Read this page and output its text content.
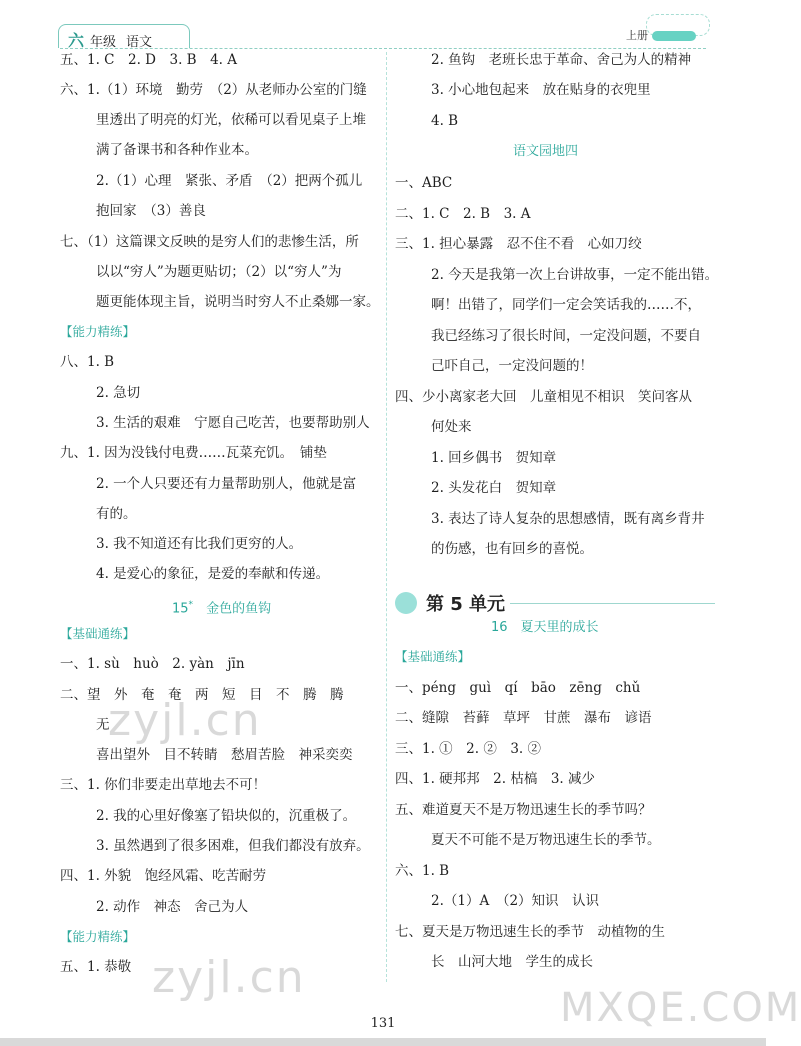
六 年级 语文	上册
五、1. C　2. D　3. B　4. A
六、1.（1）环境　勤劳　（2）从老师办公室的门缝
里透出了明亮的灯光，依稀可以看见桌子上堆
满了备课书和各种作业本。
2.（1）心理　紧张、矛盾　（2）把两个孤儿
抱回家　（3）善良
七、（1）这篇课文反映的是穷人们的悲惨生活，所
以以“穷人”为题更贴切；（2）以“穷人”为
题更能体现主旨，说明当时穷人不止桑娜一家。
【能力精练】
八、1. B
2. 急切
3. 生活的艰难　宁愿自己吃苦，也要帮助别人
九、1. 因为没钱付电费……瓦菜充饥。　铺垫
2. 一个人只要还有力量帮助别人，他就是富
有的。
3. 我不知道还有比我们更穷的人。
4. 是爱心的象征，是爱的奉献和传递。
15*　 金色的鱼钩
【基础通练】
一、1. sù　huò　2. yàn　jīn
二、望　外　奄　奄　两　短　目　不　腾　腾
无
喜出望外　目不转睛　愁眉苦脸　神采奕奕
三、1. 你们非要走出草地去不可！
2. 我的心里好像塞了铅块似的，沉重极了。
3. 虽然遇到了很多困难，但我们都没有放弃。
四、1. 外貌　饱经风霜、吃苦耐劳
2. 动作　神态　舍己为人
【能力精练】
五、1. 恭敬
2. 鱼钩　老班长忠于革命、舍己为人的精神
3. 小心地包起来　放在贴身的衣兜里
4. B
语文园地四
一、ABC
二、1. C　2. B　3. A
三、1. 担心暴露　忍不住不看　心如刀绞
2. 今天是我第一次上台讲故事，一定不能出错。
啊！出错了，同学们一定会笑话我的……不，
我已经练习了很长时间，一定没问题，不要自
己吓自己，一定没问题的！
四、少小离家老大回　儿童相见不相识　笑问客从
何处来
1. 回乡偶书　贺知章
2. 头发花白　贺知章
3. 表达了诗人复杂的思想感情，既有离乡背井
的伤感，也有回乡的喜悦。
第 5 单元
16　夏天里的成长
【基础通练】
一、péng　guì　qí　bāo　zēng　chǔ
二、缝隙　苔藓　草坪　甘蔗　瀑布　谚语
三、1. ①　2. ②　3. ②
四、1. 硬邦邦　2. 枯槁　3. 减少
五、难道夏天不是万物迅速生长的季节吗？
夏天不可能不是万物迅速生长的季节。
六、1. B
2.（1）A　（2）知识　认识
七、夏天是万物迅速生长的季节　动植物的生
长　山河大地　学生的成长
zyjl.cn
zyjl.cn
MXQE.COM
131
